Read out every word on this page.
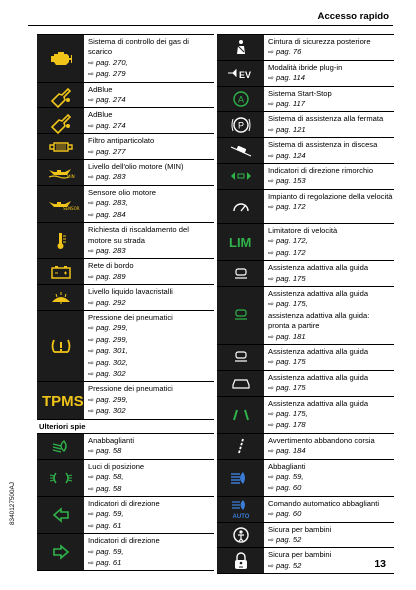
Accesso rapido
8340127500AJ
13
Sistema di controllo dei gas di scarico
⇨ pag. 270,
⇨ pag. 279
AdBlue
⇨ pag. 274
AdBlue
⇨ pag. 274
Filtro antiparticolato
⇨ pag. 277
MIN
Livello dell'olio motore (MIN)
⇨ pag. 283
SENSOR
Sensore olio motore
⇨ pag. 283,
⇨ pag. 284
Richiesta di riscaldamento del motore su strada
⇨ pag. 283
Rete di bordo
⇨ pag. 289
Livello liquido lavacristalli
⇨ pag. 292
Pressione dei pneumatici
⇨ pag. 299,
⇨ pag. 299,
⇨ pag. 301,
⇨ pag. 302,
⇨ pag. 302
TPMS
Pressione dei pneumatici
⇨ pag. 299,
⇨ pag. 302
Ulteriori spie
Anabbaglianti
⇨ pag. 58
Luci di posizione
⇨ pag. 58,
⇨ pag. 58
Indicatori di direzione
⇨ pag. 59,
⇨ pag. 61
Indicatori di direzione
⇨ pag. 59,
⇨ pag. 61
Cintura di sicurezza posteriore
⇨ pag. 76
EV
Modalità ibride plug-in
⇨ pag. 114
A
Sistema Start-Stop
⇨ pag. 117
P
Sistema di assistenza alla fermata
⇨ pag. 121
Sistema di assistenza in discesa
⇨ pag. 124
Indicatori di direzione rimorchio
⇨ pag. 153
Impianto di regolazione della velocità
⇨ pag. 172
LIM
Limitatore di velocità
⇨ pag. 172,
⇨ pag. 172
Assistenza adattiva alla guida
⇨ pag. 175
Assistenza adattiva alla guida
⇨ pag. 175,
assistenza adattiva alla guida:
pronta a partire
⇨ pag. 181
Assistenza adattiva alla guida
⇨ pag. 175
Assistenza adattiva alla guida
⇨ pag. 175
Assistenza adattiva alla guida
⇨ pag. 175,
⇨ pag. 178
Avvertimento abbandono corsia
⇨ pag. 184
Abbaglianti
⇨ pag. 59,
⇨ pag. 60
AUTO
Comando automatico abbaglianti
⇨ pag. 60
Sicura per bambini
⇨ pag. 52
Sicura per bambini
⇨ pag. 52
